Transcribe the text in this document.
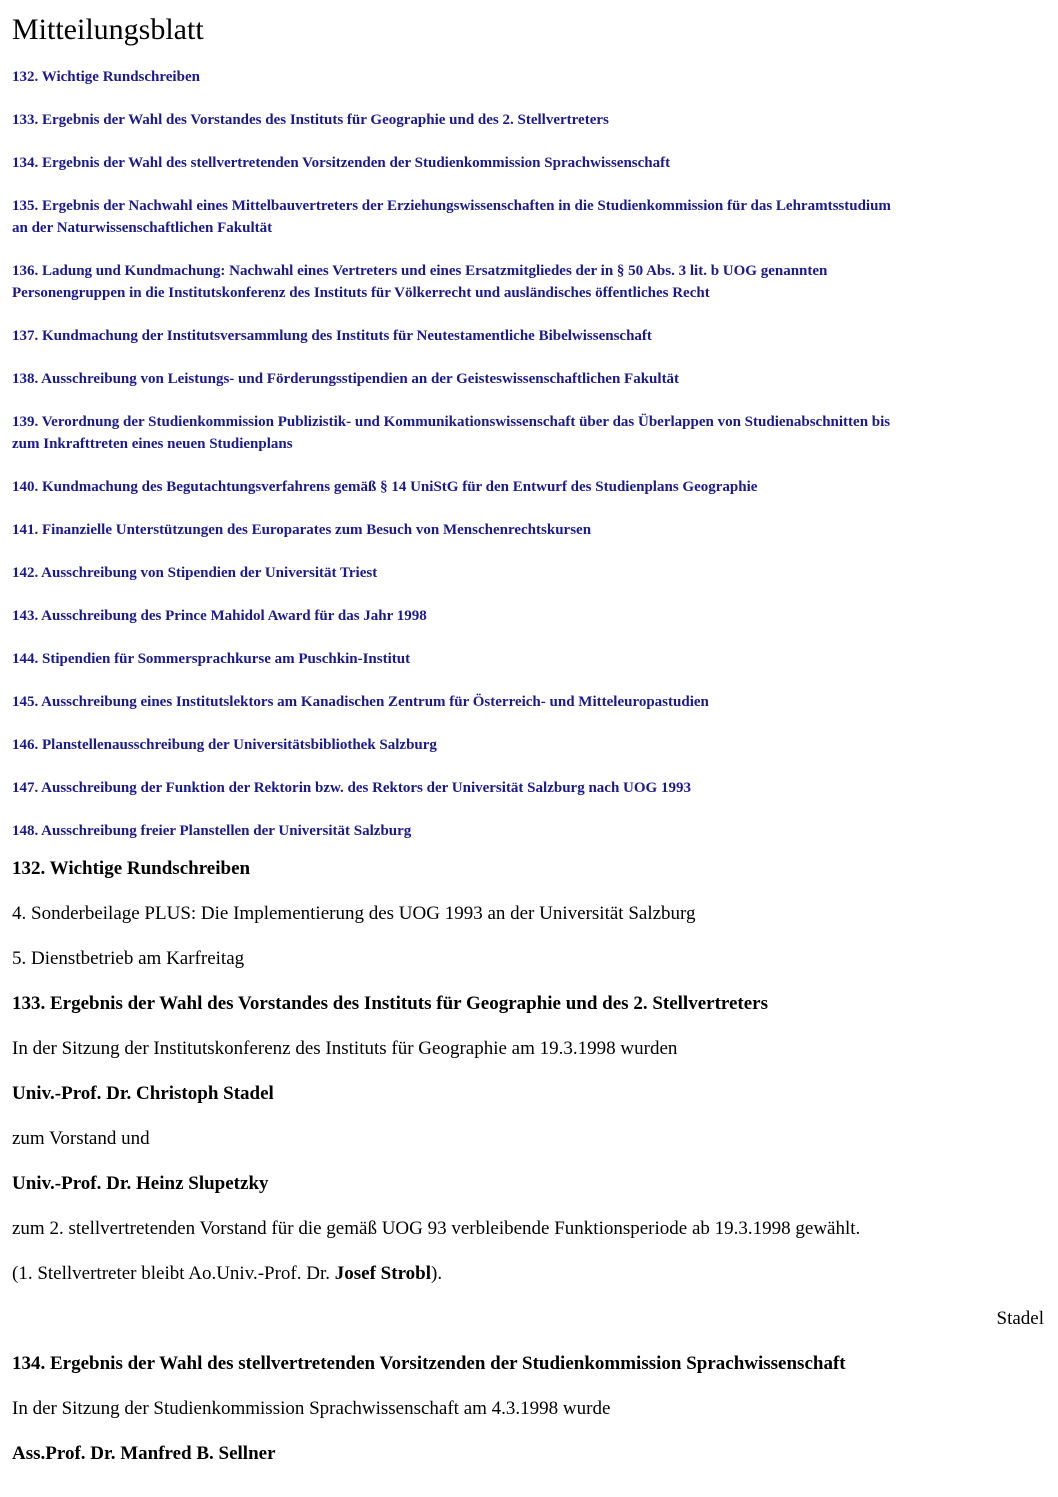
Mitteilungsblatt
132. Wichtige Rundschreiben
133. Ergebnis der Wahl des Vorstandes des Instituts für Geographie und des 2. Stellvertreters
134. Ergebnis der Wahl des stellvertretenden Vorsitzenden der Studienkommission Sprachwissenschaft
135. Ergebnis der Nachwahl eines Mittelbauvertreters der Erziehungswissenschaften in die Studienkommission für das Lehramtsstudium
an der Naturwissenschaftlichen Fakultät
136. Ladung und Kundmachung: Nachwahl eines Vertreters und eines Ersatzmitgliedes der in § 50 Abs. 3 lit. b UOG genannten
Personengruppen in die Institutskonferenz des Instituts für Völkerrecht und ausländisches öffentliches Recht
137. Kundmachung der Institutsversammlung des Instituts für Neutestamentliche Bibelwissenschaft
138. Ausschreibung von Leistungs- und Förderungsstipendien an der Geisteswissenschaftlichen Fakultät
139. Verordnung der Studienkommission Publizistik- und Kommunikationswissenschaft über das Überlappen von Studienabschnitten bis
zum Inkrafttreten eines neuen Studienplans
140. Kundmachung des Begutachtungsverfahrens gemäß § 14 UniStG für den Entwurf des Studienplans Geographie
141. Finanzielle Unterstützungen des Europarates zum Besuch von Menschenrechtskursen
142. Ausschreibung von Stipendien der Universität Triest
143. Ausschreibung des Prince Mahidol Award für das Jahr 1998
144. Stipendien für Sommersprachkurse am Puschkin-Institut
145. Ausschreibung eines Institutslektors am Kanadischen Zentrum für Österreich- und Mitteleuropastudien
146. Planstellenausschreibung der Universitätsbibliothek Salzburg
147. Ausschreibung der Funktion der Rektorin bzw. des Rektors der Universität Salzburg nach UOG 1993
148. Ausschreibung freier Planstellen der Universität Salzburg
132. Wichtige Rundschreiben
4. Sonderbeilage PLUS: Die Implementierung des UOG 1993 an der Universität Salzburg
5. Dienstbetrieb am Karfreitag
133. Ergebnis der Wahl des Vorstandes des Instituts für Geographie und des 2. Stellvertreters
In der Sitzung der Institutskonferenz des Instituts für Geographie am 19.3.1998 wurden
Univ.-Prof. Dr. Christoph Stadel
zum Vorstand und
Univ.-Prof. Dr. Heinz Slupetzky
zum 2. stellvertretenden Vorstand für die gemäß UOG 93 verbleibende Funktionsperiode ab 19.3.1998 gewählt.
(1. Stellvertreter bleibt Ao.Univ.-Prof. Dr. Josef Strobl).
Stadel
134. Ergebnis der Wahl des stellvertretenden Vorsitzenden der Studienkommission Sprachwissenschaft
In der Sitzung der Studienkommission Sprachwissenschaft am 4.3.1998 wurde
Ass.Prof. Dr. Manfred B. Sellner
